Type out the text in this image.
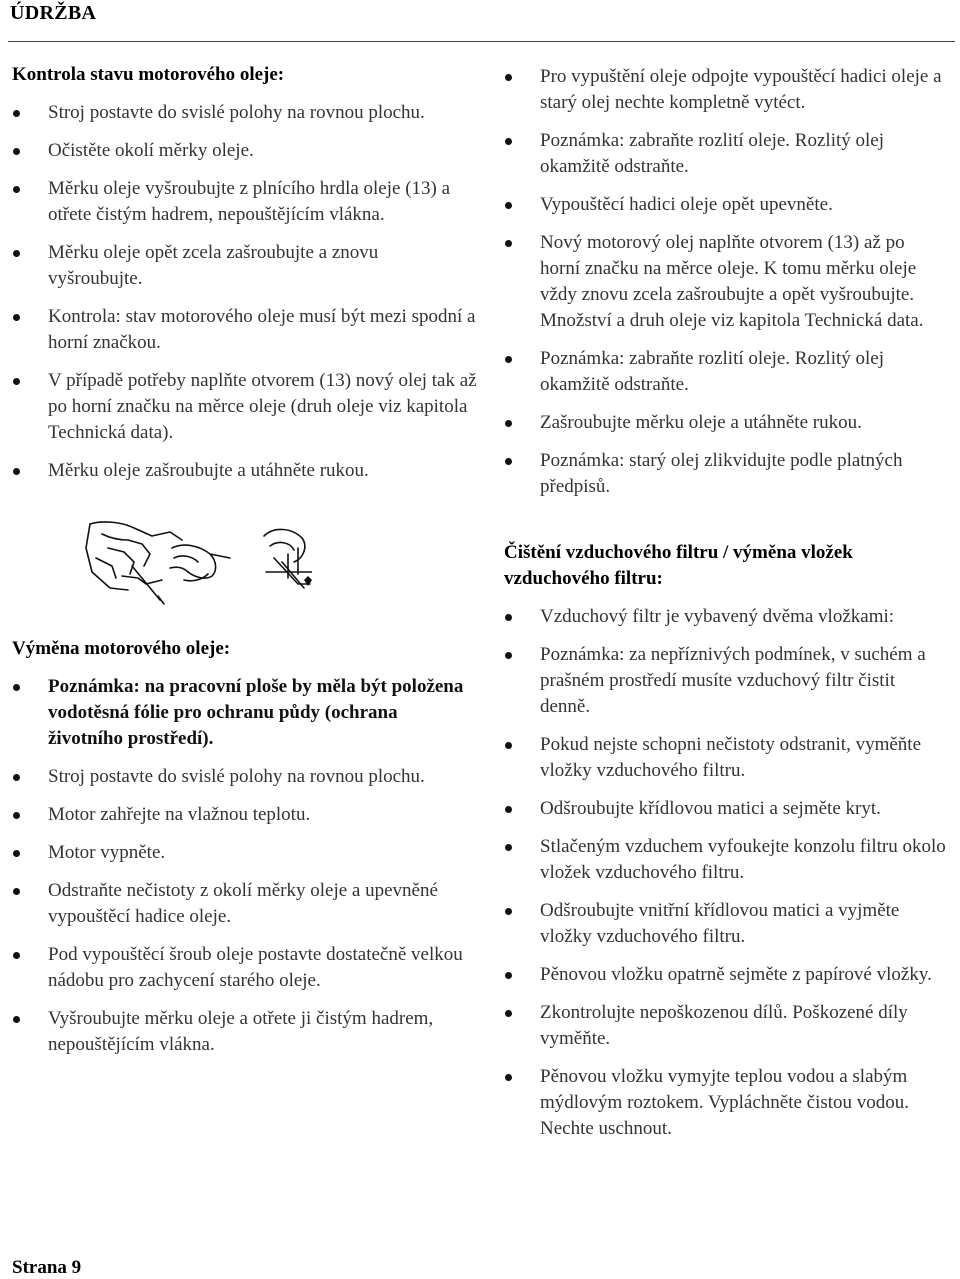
ÚDRŽBA
Kontrola stavu motorového oleje:
Stroj postavte do svislé polohy na rovnou plochu.
Očistěte okolí měrky oleje.
Měrku oleje vyšroubujte z plnícího hrdla oleje (13) a otřete čistým hadrem, nepouštějícím vlákna.
Měrku oleje opět zcela zašroubujte a znovu vyšroubujte.
Kontrola: stav motorového oleje musí být mezi spodní a horní značkou.
V případě potřeby naplňte otvorem (13) nový olej tak až po horní značku na měrce oleje (druh oleje viz kapitola Technická data).
Měrku oleje zašroubujte a utáhněte rukou.
Výměna motorového oleje:
Poznámka: na pracovní ploše by měla být položena vodotěsná fólie pro ochranu půdy (ochrana životního prostředí).
Stroj postavte do svislé polohy na rovnou plochu.
Motor zahřejte na vlažnou teplotu.
Motor vypněte.
Odstraňte nečistoty z okolí měrky oleje a upevněné vypouštěcí hadice oleje.
Pod vypouštěcí šroub oleje postavte dostatečně velkou nádobu pro zachycení starého oleje.
Vyšroubujte měrku oleje a otřete ji čistým hadrem, nepouštějícím vlákna.
Pro vypuštění oleje odpojte vypouštěcí hadici oleje a starý olej nechte kompletně vytéct.
Poznámka: zabraňte rozlití oleje. Rozlitý olej okamžitě odstraňte.
Vypouštěcí hadici oleje opět upevněte.
Nový motorový olej naplňte otvorem (13) až po horní značku na měrce oleje. K tomu měrku oleje vždy znovu zcela zašroubujte a opět vyšroubujte. Množství a druh oleje viz kapitola Technická data.
Poznámka: zabraňte rozlití oleje. Rozlitý olej okamžitě odstraňte.
Zašroubujte měrku oleje a utáhněte rukou.
Poznámka: starý olej zlikvidujte podle platných předpisů.
Čištění vzduchového filtru / výměna vložek vzduchového filtru:
Vzduchový filtr je vybavený dvěma vložkami:
Poznámka: za nepříznivých podmínek, v suchém a prašném prostředí musíte vzduchový filtr čistit denně.
Pokud nejste schopni nečistoty odstranit, vyměňte vložky vzduchového filtru.
Odšroubujte křídlovou matici a sejměte kryt.
Stlačeným vzduchem vyfoukejte konzolu filtru okolo vložek vzduchového filtru.
Odšroubujte vnitřní křídlovou matici a vyjměte vložky vzduchového filtru.
Pěnovou vložku opatrně sejměte z papírové vložky.
Zkontrolujte nepoškozenou dílů. Poškozené díly vyměňte.
Pěnovou vložku vymyjte teplou vodou a slabým mýdlovým roztokem. Vypláchněte čistou vodou. Nechte uschnout.
Strana 9
